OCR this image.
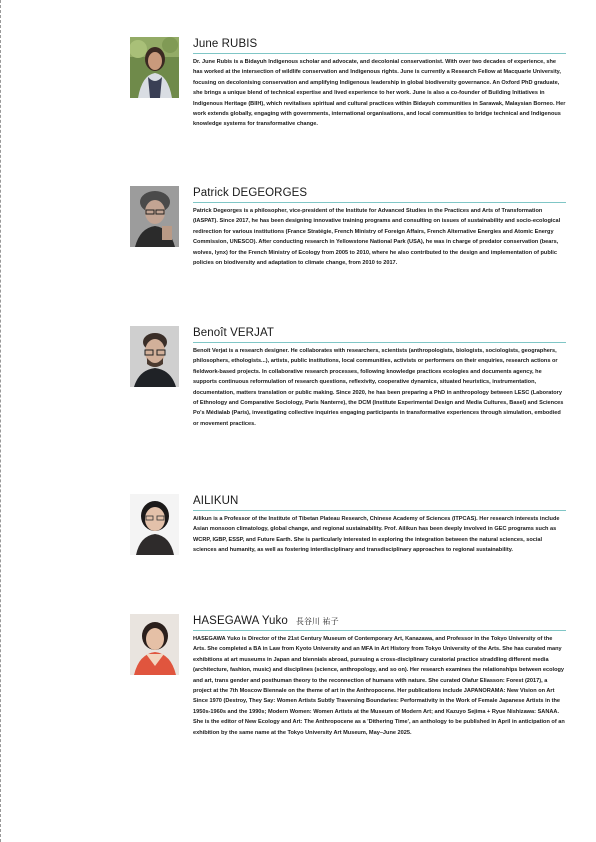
June RUBIS

Dr. June Rubis is a Bidayuh Indigenous scholar and advocate, and decolonial conservationist. With over two decades of experience, she has worked at the intersection of wildlife conservation and Indigenous rights. June is currently a Research Fellow at Macquarie University, focusing on decolonising conservation and amplifying Indigenous leadership in global biodiversity governance. An Oxford PhD graduate, she brings a unique blend of technical expertise and lived experience to her work. June is also a co-founder of Building Initiatives in Indigenous Heritage (BIIH), which revitalises spiritual and cultural practices within Bidayuh communities in Sarawak, Malaysian Borneo. Her work extends globally, engaging with governments, international organisations, and local communities to bridge technical and Indigenous knowledge systems for transformative change.

Patrick DEGEORGES

Patrick Degeorges is a philosopher, vice-president of the Institute for Advanced Studies in the Practices and Arts of Transformation (IASPAT). Since 2017, he has been designing innovative training programs and consulting on issues of sustainability and socio-ecological redirection for various institutions (France Stratégie, French Ministry of Foreign Affairs, French Alternative Energies and Atomic Energy Commission, UNESCO). After conducting research in Yellowstone National Park (USA), he was in charge of predator conservation (bears, wolves, lynx) for the French Ministry of Ecology from 2005 to 2010, where he also contributed to the design and implementation of public policies on biodiversity and adaptation to climate change, from 2010 to 2017.

Benoît VERJAT

Benoît Verjat is a research designer. He collaborates with researchers, scientists (anthropologists, biologists, sociologists, geographers, philosophers, ethologists...), artists, public institutions, local communities, activists or performers on their enquiries, research actions or fieldwork-based projects. In collaborative research processes, following knowledge practices ecologies and documents agency, he supports continuous reformulation of research questions, reflexivity, cooperative dynamics, situated heuristics, instrumentation, documentation, matters translation or public making. Since 2020, he has been preparing a PhD in anthropology between LESC (Laboratory of Ethnology and Comparative Sociology, Paris Nanterre), the DCM (Institute Experimental Design and Media Cultures, Basel) and Sciences Po's Médialab (Paris), investigating collective inquiries engaging participants in transformative experiences through simulation, embodied or movement practices.

AILIKUN

Ailikun is a Professor of the Institute of Tibetan Plateau Research, Chinese Academy of Sciences (ITPCAS). Her research interests include Asian monsoon climatology, global change, and regional sustainability. Prof. Ailikun has been deeply involved in GEC programs such as WCRP, IGBP, ESSP, and Future Earth. She is particularly interested in exploring the integration between the natural sciences, social sciences and humanity, as well as fostering interdisciplinary and transdisciplinary approaches to regional sustainability.

HASEGAWA Yuko 長谷川 祐子

HASEGAWA Yuko is Director of the 21st Century Museum of Contemporary Art, Kanazawa, and Professor in the Tokyo University of the Arts. She completed a BA in Law from Kyoto University and an MFA in Art History from Tokyo University of the Arts. She has curated many exhibitions at art museums in Japan and biennials abroad, pursuing a cross-disciplinary curatorial practice straddling different media (architecture, fashion, music) and disciplines (science, anthropology, and so on). Her research examines the relationships between ecology and art, trans gender and posthuman theory to the reconnection of humans with nature. She curated Olafur Eliasson: Forest (2017), a project at the 7th Moscow Biennale on the theme of art in the Anthropocene. Her publications include JAPANORAMA: New Vision on Art Since 1970 (Destroy, They Say: Women Artists Subtly Traversing Boundaries: Performativity in the Work of Female Japanese Artists in the 1950s-1960s and the 1990s; Modern Women: Women Artists at the Museum of Modern Art; and Kazuyo Sejima + Ryue Nishizawa: SANAA. She is the editor of New Ecology and Art: The Anthropocene as a 'Dithering Time', an anthology to be published in April in anticipation of an exhibition by the same name at the Tokyo University Art Museum, May–June 2025.
